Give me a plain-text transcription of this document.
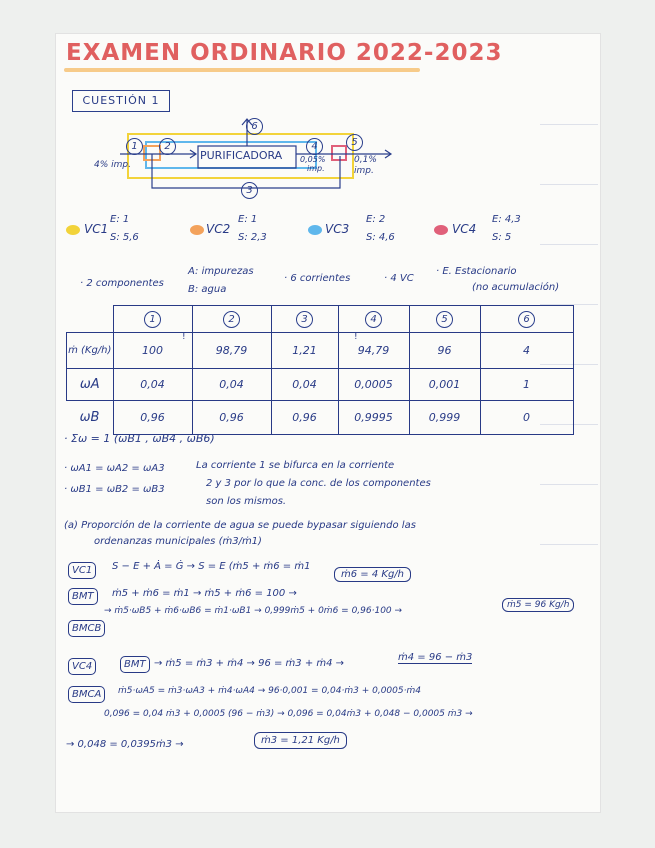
EXAMEN ORDINARIO 2022-2023
CUESTIÓN 1
PURIFICADORA
1	2
3
4	5
6
4% imp.
0,05%
imp.
0,1%
imp.
VC1
E: 1
S: 5,6
VC2
E: 1
S: 2,3
VC3
E: 2
S: 4,6
VC4
E: 4,3
S: 5
· 2 componentes
A: impurezas
B: agua
· 6 corrientes	· 4 VC
· E. Estacionario
(no acumulación)
	1	2	3	4	5	6
ṁ (Kg/h)	100	98,79	1,21	94,79	96	4
ωA	0,04	0,04	0,04	0,0005	0,001	1
ωB	0,96	0,96	0,96	0,9995	0,999	0
!	!
· Σω = 1 (ωB1 , ωB4 , ωB6)
· ωA1 = ωA2 = ωA3
· ωB1 = ωB2 = ωB3
La corriente 1 se bifurca en la corriente
2 y 3 por lo que la conc. de los componentes
son los mismos.
(a) Proporción de la corriente de agua se puede bypasar siguiendo las
ordenanzas municipales (ṁ3/ṁ1)
VC1	S − E + Ȧ = Ġ → S = E (ṁ5 + ṁ6 = ṁ1
BMT	ṁ5 + ṁ6 = ṁ1 → ṁ5 + ṁ6 = 100 →
ṁ6 = 4 Kg/h
BMCB
→ ṁ5·ωB5 + ṁ6·ωB6 = ṁ1·ωB1 → 0,999ṁ5 + 0ṁ6 = 0,96·100 →
ṁ5 = 96 Kg/h
VC4	BMT → ṁ5 = ṁ3 + ṁ4 → 96 = ṁ3 + ṁ4 →
ṁ4 = 96 − ṁ3
BMCA	ṁ5·ωA5 = ṁ3·ωA3 + ṁ4·ωA4 → 96·0,001 = 0,04·ṁ3 + 0,0005·ṁ4
0,096 = 0,04 ṁ3 + 0,0005 (96 − ṁ3) → 0,096 = 0,04ṁ3 + 0,048 − 0,0005 ṁ3 →
→ 0,048 = 0,0395ṁ3 →	ṁ3 = 1,21 Kg/h
